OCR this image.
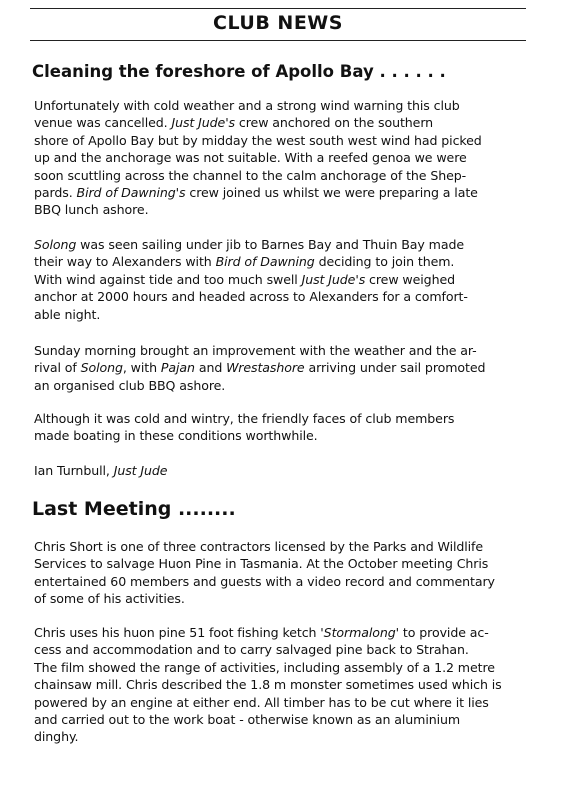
CLUB NEWS
Cleaning the foreshore of Apollo Bay . . . . . .
Unfortunately with cold weather and a strong wind warning this club
venue was cancelled. Just Jude's crew anchored on the southern
shore of Apollo Bay but by midday the west south west wind had picked
up and the anchorage was not suitable. With a reefed genoa we were
soon scuttling across the channel to the calm anchorage of the Shep-
pards. Bird of Dawning's crew joined us whilst we were preparing a late
BBQ lunch ashore.
Solong was seen sailing under jib to Barnes Bay and Thuin Bay made
their way to Alexanders with Bird of Dawning deciding to join them.
With wind against tide and too much swell Just Jude's crew weighed
anchor at 2000 hours and headed across to Alexanders for a comfort-
able night.
Sunday morning brought an improvement with the weather and the ar-
rival of Solong, with Pajan and Wrestashore arriving under sail promoted
an organised club BBQ ashore.
Although it was cold and wintry, the friendly faces of club members
made boating in these conditions worthwhile.
Ian Turnbull, Just Jude
Last Meeting ........
Chris Short is one of three contractors licensed by the Parks and Wildlife
Services to salvage Huon Pine in Tasmania. At the October meeting Chris
entertained 60 members and guests with a video record and commentary
of some of his activities.
Chris uses his huon pine 51 foot fishing ketch 'Stormalong' to provide ac-
cess and accommodation and to carry salvaged pine back to Strahan.
The film showed the range of activities, including assembly of a 1.2 metre
chainsaw mill. Chris described the 1.8 m monster sometimes used which is
powered by an engine at either end. All timber has to be cut where it lies
and carried out to the work boat - otherwise known as an aluminium
dinghy.
